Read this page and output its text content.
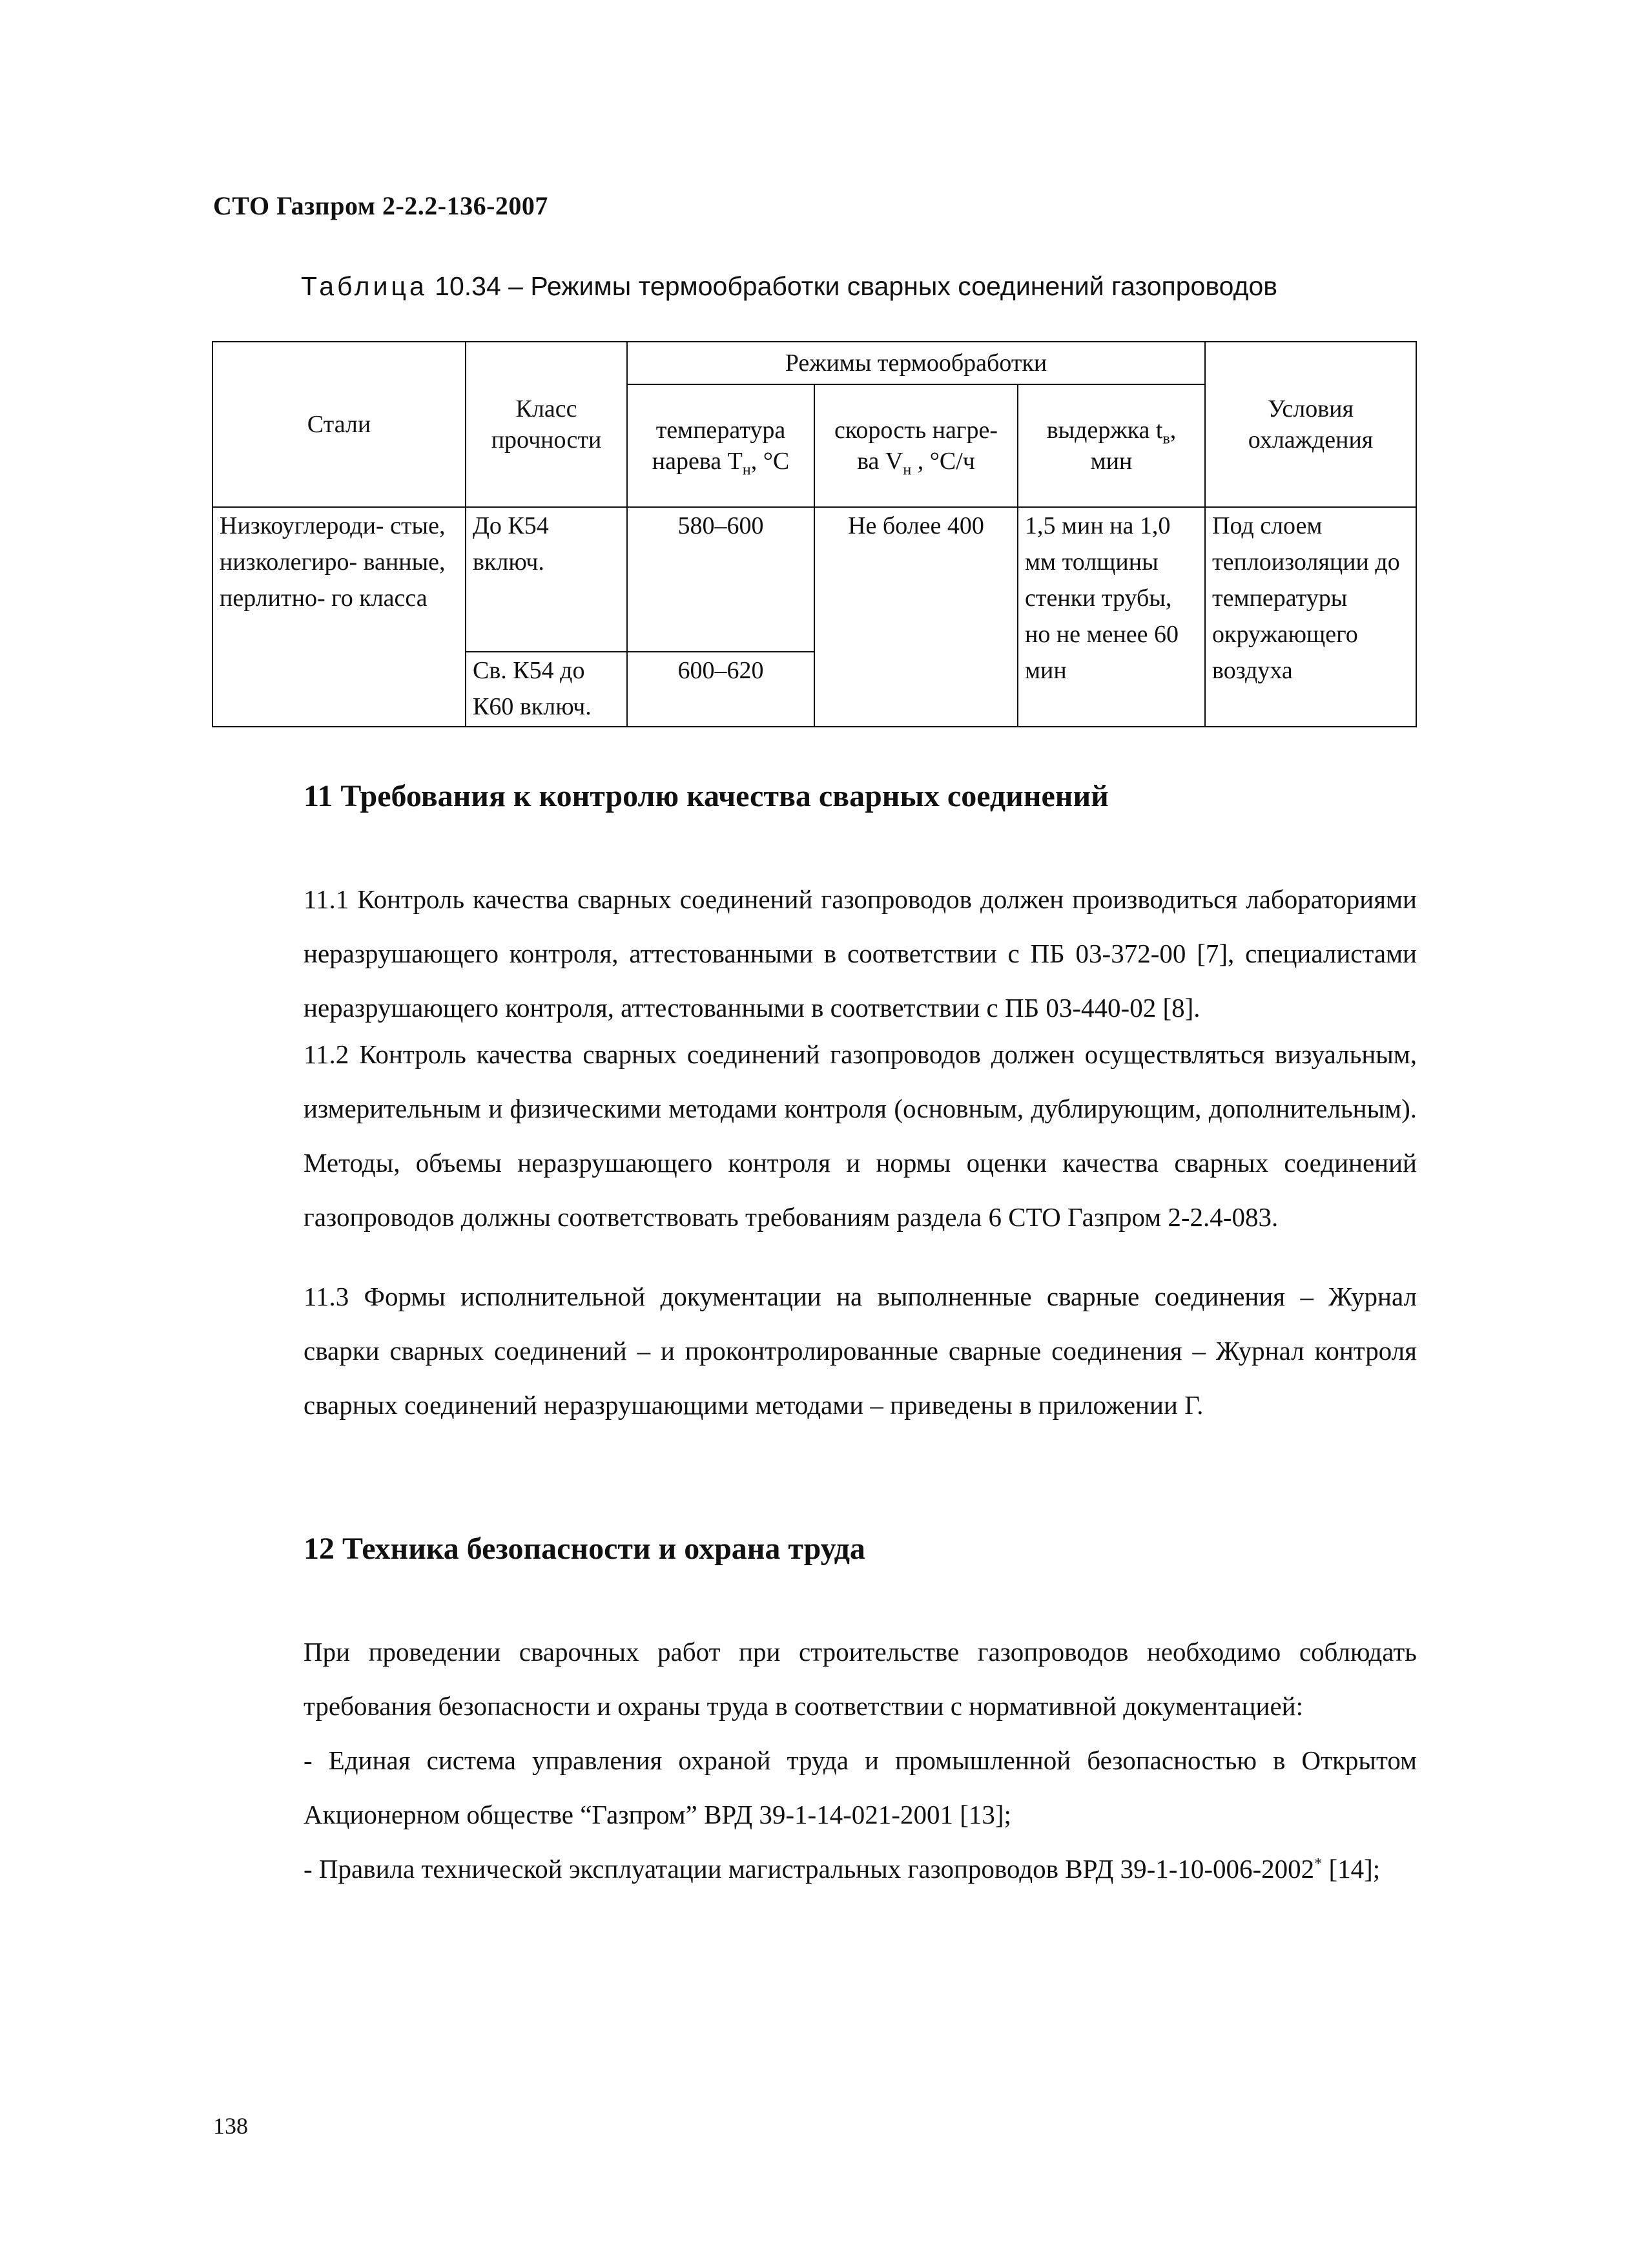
СТО Газпром 2-2.2-136-2007
Таблица 10.34 – Режимы термообработки сварных соединений газопроводов
Стали	Класс прочности	Режимы термообработки			Условия охлаждения
		температура нарева $Т_н$, °С	скорость нагре- ва $V_н$ , °С/ч	выдержка $t_в$, мин	
Низкоуглероди- стые, низколегиро- ванные, перлитно- го класса	До К54 включ.	580–600	Не более 400	1,5 мин на 1,0 мм толщины стенки трубы, но не менее 60 мин	Под слоем теплоизоляции до температуры окружающего воздуха
	Св. К54 до К60 включ.	600–620			
11 Требования к контролю качества сварных соединений
11.1 Контроль качества сварных соединений газопроводов должен производиться лабораториями неразрушающего контроля, аттестованными в соответствии с ПБ 03-372-00 [7], специалистами неразрушающего контроля, аттестованными в соответствии с ПБ 03-440-02 [8].
11.2 Контроль качества сварных соединений газопроводов должен осуществляться визуальным, измерительным и физическими методами контроля (основным, дублирующим, дополнительным). Методы, объемы неразрушающего контроля и нормы оценки качества сварных соединений газопроводов должны соответствовать требованиям раздела 6 СТО Газпром 2-2.4-083.
11.3 Формы исполнительной документации на выполненные сварные соединения – Журнал сварки сварных соединений – и проконтролированные сварные соединения – Журнал контроля сварных соединений неразрушающими методами – приведены в приложении Г.
12 Техника безопасности и охрана труда
При проведении сварочных работ при строительстве газопроводов необходимо соблюдать требования безопасности и охраны труда в соответствии с нормативной документацией:
- Единая система управления охраной труда и промышленной безопасностью в Открытом Акционерном обществе “Газпром” ВРД 39-1-14-021-2001 [13];
- Правила технической эксплуатации магистральных газопроводов ВРД 39-1-10-006-2002* [14];
138
